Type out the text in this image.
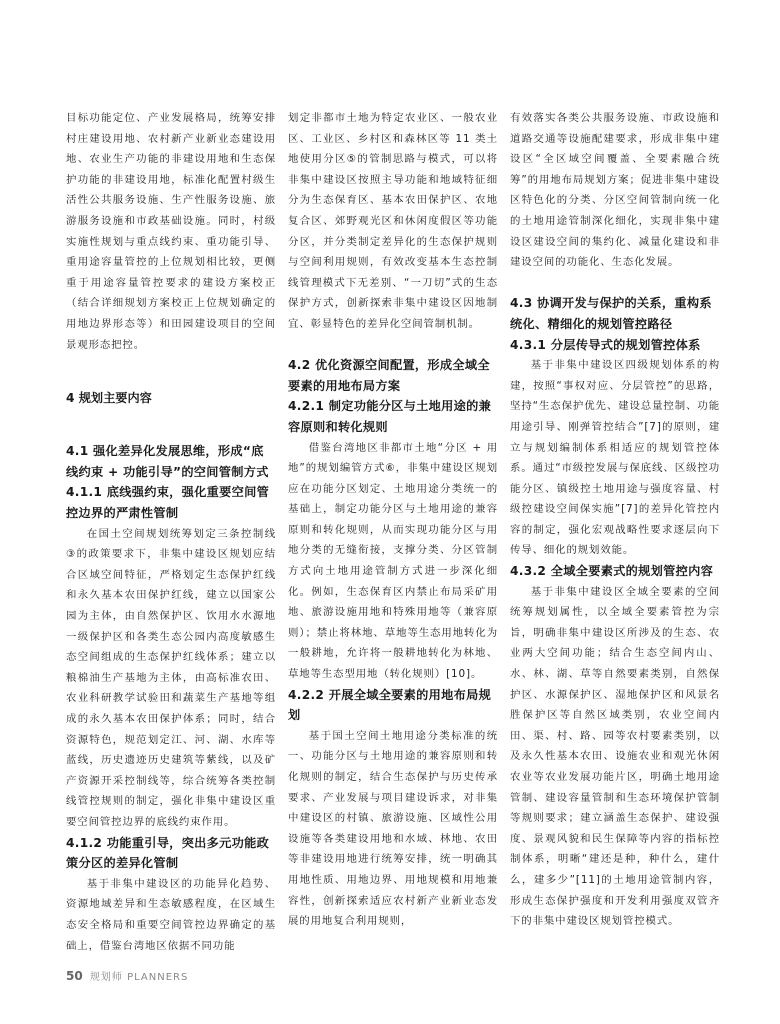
目标功能定位、产业发展格局，统筹安排村庄建设用地、农村新产业新业态建设用地、农业生产功能的非建设用地和生态保护功能的非建设用地，标准化配置村级生活性公共服务设施、生产性服务设施、旅游服务设施和市政基础设施。同时，村级实施性规划与重点线约束、重功能引导、重用途容量管控的上位规划相比较，更侧重于用途容量管控要求的建设方案校正（结合详细规划方案校正上位规划确定的用地边界形态等）和田园建设项目的空间景观形态把控。

4 规划主要内容

4.1 强化差异化发展思维，形成“底线约束 + 功能引导”的空间管制方式

4.1.1 底线强约束，强化重要空间管控边界的严肃性管制

在国土空间规划统筹划定三条控制线③的政策要求下，非集中建设区规划应结合区域空间特征，严格划定生态保护红线和永久基本农田保护红线，建立以国家公园为主体，由自然保护区、饮用水水源地一级保护区和各类生态公园内高度敏感生态空间组成的生态保护红线体系；建立以粮棉油生产基地为主体，由高标准农田、农业科研教学试验田和蔬菜生产基地等组成的永久基本农田保护体系；同时，结合资源特色，规范划定江、河、湖、水库等蓝线，历史遗迹历史建筑等紫线，以及矿产资源开采控制线等，综合统筹各类控制线管控规则的制定，强化非集中建设区重要空间管控边界的底线约束作用。

4.1.2 功能重引导，突出多元功能政策分区的差异化管制

基于非集中建设区的功能异化趋势、资源地域差异和生态敏感程度，在区域生态安全格局和重要空间管控边界确定的基础上，借鉴台湾地区依据不同功能

划定非都市土地为特定农业区、一般农业区、工业区、乡村区和森林区等 11 类土地使用分区⑤的管制思路与模式，可以将非集中建设区按照主导功能和地域特征细分为生态保育区、基本农田保护区、农地复合区、郊野观光区和休闲度假区等功能分区，并分类制定差异化的生态保护规则与空间利用规则，有效改变基本生态控制线管理模式下无差别、“一刀切”式的生态保护方式，创新探索非集中建设区因地制宜、彰显特色的差异化空间管制机制。

4.2 优化资源空间配置，形成全域全要素的用地布局方案

4.2.1 制定功能分区与土地用途的兼容原则和转化规则

借鉴台湾地区非都市土地“分区 + 用地”的规划编管方式⑥，非集中建设区规划应在功能分区划定、土地用途分类统一的基础上，制定功能分区与土地用途的兼容原则和转化规则，从而实现功能分区与用地分类的无缝衔接，支撑分类、分区管制方式向土地用途管制方式进一步深化细化。例如，生态保育区内禁止布局采矿用地、旅游设施用地和特殊用地等（兼容原则）；禁止将林地、草地等生态用地转化为一般耕地，允许将一般耕地转化为林地、草地等生态型用地（转化规则）[10]。

4.2.2 开展全域全要素的用地布局规划

基于国土空间土地用途分类标准的统一、功能分区与土地用途的兼容原则和转化规则的制定，结合生态保护与历史传承要求、产业发展与项目建设诉求，对非集中建设区的村镇、旅游设施、区域性公用设施等各类建设用地和水域、林地、农田等非建设用地进行统筹安排，统一明确其用地性质、用地边界、用地规模和用地兼容性，创新探索适应农村新产业新业态发展的用地复合利用规则，

有效落实各类公共服务设施、市政设施和道路交通等设施配建要求，形成非集中建设区“全区域空间覆盖、全要素融合统筹”的用地布局规划方案；促进非集中建设区特色化的分类、分区空间管制向统一化的土地用途管制深化细化，实现非集中建设区建设空间的集约化、减量化建设和非建设空间的功能化、生态化发展。

4.3 协调开发与保护的关系，重构系统化、精细化的规划管控路径

4.3.1 分层传导式的规划管控体系

基于非集中建设区四级规划体系的构建，按照“事权对应、分层管控”的思路，坚持“生态保护优先、建设总量控制、功能用途引导、刚弹管控结合”[7]的原则，建立与规划编制体系相适应的规划管控体系。通过“市级控发展与保底线、区级控功能分区、镇级控土地用途与强度容量、村级控建设空间保实施”[7]的差异化管控内容的制定，强化宏观战略性要求逐层向下传导、细化的规划效能。

4.3.2 全域全要素式的规划管控内容

基于非集中建设区全域全要素的空间统筹规划属性，以全域全要素管控为宗旨，明确非集中建设区所涉及的生态、农业两大空间功能；结合生态空间内山、水、林、湖、草等自然要素类别，自然保护区、水源保护区、湿地保护区和风景名胜保护区等自然区域类别，农业空间内田、渠、村、路、园等农村要素类别，以及永久性基本农田、设施农业和观光休闲农业等农业发展功能片区，明确土地用途管制、建设容量管制和生态环境保护管制等规则要求；建立涵盖生态保护、建设强度、景观风貌和民生保障等内容的指标控制体系，明晰“建还是种，种什么，建什么，建多少”[11]的土地用途管制内容，形成生态保护强度和开发利用强度双管齐下的非集中建设区规划管控模式。

50 规划师 PLANNERS
